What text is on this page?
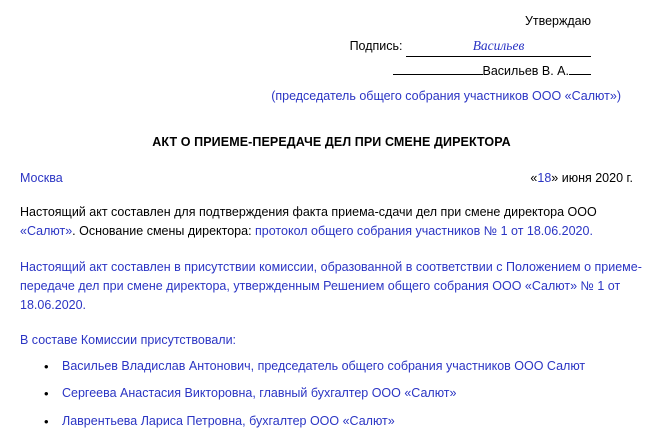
Утверждаю
Подпись:	Васильев
Васильев В. А.
(председатель общего собрания участников ООО «Салют»)
АКТ О ПРИЕМЕ-ПЕРЕДАЧЕ ДЕЛ ПРИ СМЕНЕ ДИРЕКТОРА
Москва	«18» июня 2020 г.

Настоящий акт составлен для подтверждения факта приема-сдачи дел при смене директора ООО «Салют». Основание смены директора: протокол общего собрания участников № 1 от 18.06.2020.

Настоящий акт составлен в присутствии комиссии, образованной в соответствии с Положением о приеме-передаче дел при смене директора, утвержденным Решением общего собрания ООО «Салют» № 1 от 18.06.2020.

В составе Комиссии присутствовали:
• Васильев Владислав Антонович, председатель общего собрания участников ООО Салют
• Сергеева Анастасия Викторовна, главный бухгалтер ООО «Салют»
• Лаврентьева Лариса Петровна, бухгалтер ООО «Салют»
